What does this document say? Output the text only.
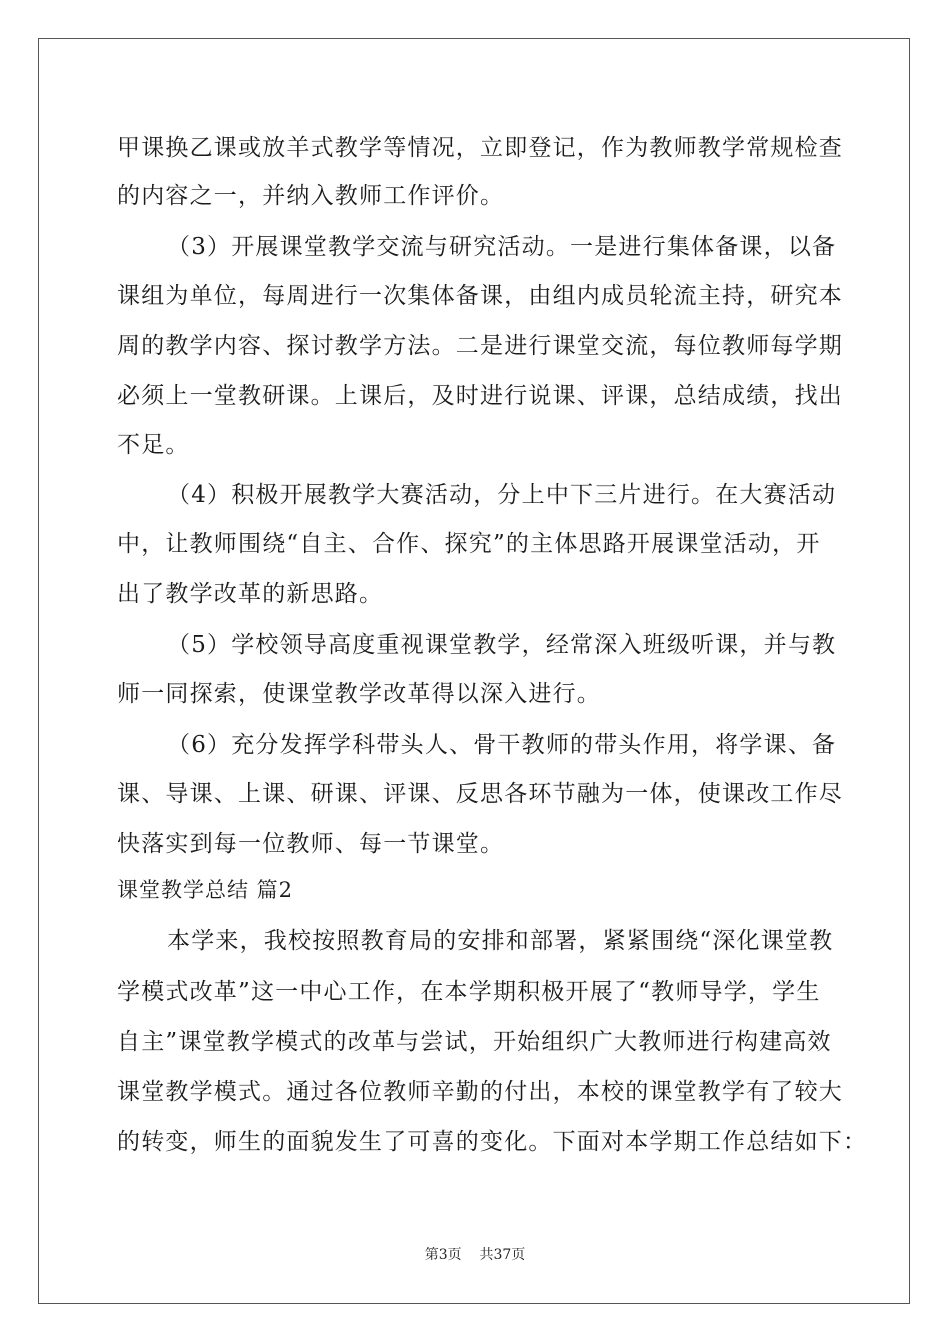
甲课换乙课或放羊式教学等情况，立即登记，作为教师教学常规检查
的内容之一，并纳入教师工作评价。
（3）开展课堂教学交流与研究活动。一是进行集体备课，以备
课组为单位，每周进行一次集体备课，由组内成员轮流主持，研究本
周的教学内容、探讨教学方法。二是进行课堂交流，每位教师每学期
必须上一堂教研课。上课后，及时进行说课、评课，总结成绩，找出
不足。
（4）积极开展教学大赛活动，分上中下三片进行。在大赛活动
中，让教师围绕“自主、合作、探究”的主体思路开展课堂活动，开
出了教学改革的新思路。
（5）学校领导高度重视课堂教学，经常深入班级听课，并与教
师一同探索，使课堂教学改革得以深入进行。
（6）充分发挥学科带头人、骨干教师的带头作用，将学课、备
课、导课、上课、研课、评课、反思各环节融为一体，使课改工作尽
快落实到每一位教师、每一节课堂。
课堂教学总结 篇2
本学来，我校按照教育局的安排和部署，紧紧围绕“深化课堂教
学模式改革”这一中心工作，在本学期积极开展了“教师导学，学生
自主”课堂教学模式的改革与尝试，开始组织广大教师进行构建高效
课堂教学模式。通过各位教师辛勤的付出，本校的课堂教学有了较大
的转变，师生的面貌发生了可喜的变化。下面对本学期工作总结如下：
第3页    共37页
